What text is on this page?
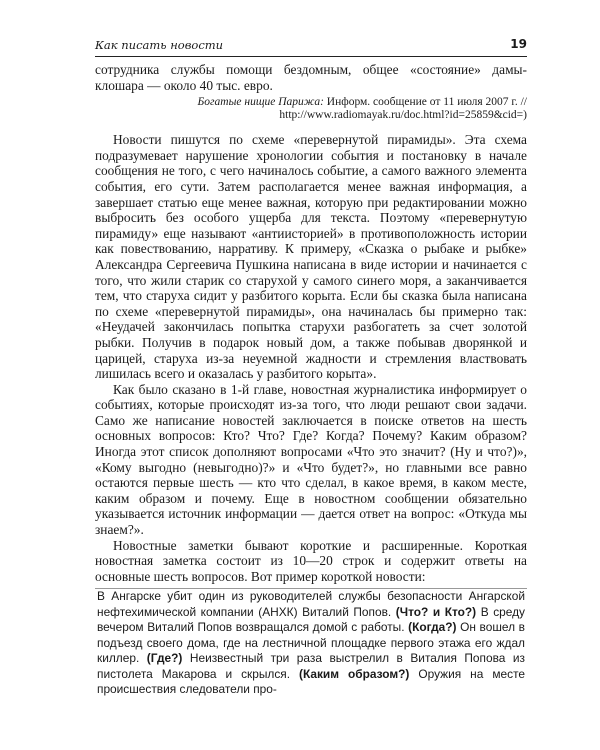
Как писать новости	19

сотрудника службы помощи бездомным, общее «состояние» дамы-клошара — около 40 тыс. евро.

Богатые нищие Парижа: Информ. сообщение от 11 июля 2007 г. // http://www.radiomayak.ru/doc.html?id=25859&cid=)

Новости пишутся по схеме «перевернутой пирамиды». Эта схема подразумевает нарушение хронологии события и постановку в начале сообщения не того, с чего начиналось событие, а самого важного элемента события, его сути. Затем располагается менее важная информация, а завершает статью еще менее важная, которую при редактировании можно выбросить без особого ущерба для текста. Поэтому «перевернутую пирамиду» еще называют «антиисторией» в противоположность истории как повествованию, нарративу. К примеру, «Сказка о рыбаке и рыбке» Александра Сергеевича Пушкина написана в виде истории и начинается с того, что жили старик со старухой у самого синего моря, а заканчивается тем, что старуха сидит у разбитого корыта. Если бы сказка была написана по схеме «перевернутой пирамиды», она начиналась бы примерно так: «Неудачей закончилась попытка старухи разбогатеть за счет золотой рыбки. Получив в подарок новый дом, а также побывав дворянкой и царицей, старуха из-за неуемной жадности и стремления властвовать лишилась всего и оказалась у разбитого корыта».

Как было сказано в 1-й главе, новостная журналистика информирует о событиях, которые происходят из-за того, что люди решают свои задачи. Само же написание новостей заключается в поиске ответов на шесть основных вопросов: Кто? Что? Где? Когда? Почему? Каким образом? Иногда этот список дополняют вопросами «Что это значит? (Ну и что?)», «Кому выгодно (невыгодно)?» и «Что будет?», но главными все равно остаются первые шесть — кто что сделал, в какое время, в каком месте, каким образом и почему. Еще в новостном сообщении обязательно указывается источник информации — дается ответ на вопрос: «Откуда мы знаем?».

Новостные заметки бывают короткие и расширенные. Короткая новостная заметка состоит из 10—20 строк и содержит ответы на основные шесть вопросов. Вот пример короткой новости:

В Ангарске убит один из руководителей службы безопасности Ангарской нефтехимической компании (АНХК) Виталий Попов. (Что? и Кто?) В среду вечером Виталий Попов возвращался домой с работы. (Когда?) Он вошел в подъезд своего дома, где на лестничной площадке первого этажа его ждал киллер. (Где?) Неизвестный три раза выстрелил в Виталия Попова из пистолета Макарова и скрылся. (Каким образом?) Оружия на месте происшествия следователи про-
